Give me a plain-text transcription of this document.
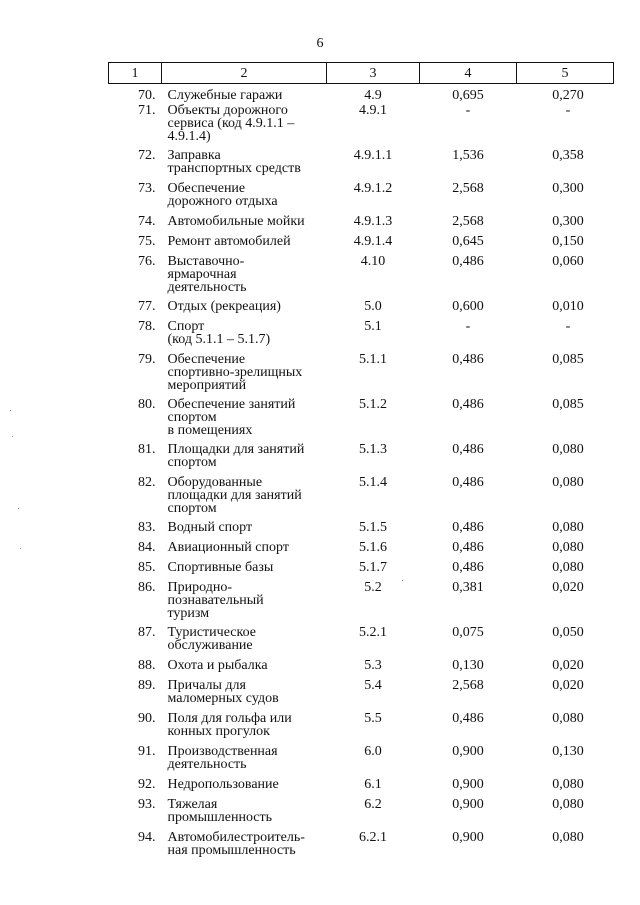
6
1	2	3	4	5
70.	Служебные гаражи	4.9	0,695	0,270
71.	Объекты дорожного
сервиса (код 4.9.1.1 –
4.9.1.4)	4.9.1	-	-
72.	Заправка
транспортных средств	4.9.1.1	1,536	0,358
73.	Обеспечение
дорожного отдыха	4.9.1.2	2,568	0,300
74.	Автомобильные мойки	4.9.1.3	2,568	0,300
75.	Ремонт автомобилей	4.9.1.4	0,645	0,150
76.	Выставочно-
ярмарочная
деятельность	4.10	0,486	0,060
77.	Отдых (рекреация)	5.0	0,600	0,010
78.	Спорт
(код 5.1.1 – 5.1.7)	5.1	-	-
79.	Обеспечение
спортивно-зрелищных
мероприятий	5.1.1	0,486	0,085
80.	Обеспечение занятий
спортом
в помещениях	5.1.2	0,486	0,085
81.	Площадки для занятий
спортом	5.1.3	0,486	0,080
82.	Оборудованные
площадки для занятий
спортом	5.1.4	0,486	0,080
83.	Водный спорт	5.1.5	0,486	0,080
84.	Авиационный спорт	5.1.6	0,486	0,080
85.	Спортивные базы	5.1.7	0,486	0,080
86.	Природно-
познавательный
туризм	5.2	0,381	0,020
87.	Туристическое
обслуживание	5.2.1	0,075	0,050
88.	Охота и рыбалка	5.3	0,130	0,020
89.	Причалы для
маломерных судов	5.4	2,568	0,020
90.	Поля для гольфа или
конных прогулок	5.5	0,486	0,080
91.	Производственная
деятельность	6.0	0,900	0,130
92.	Недропользование	6.1	0,900	0,080
93.	Тяжелая
промышленность	6.2	0,900	0,080
94.	Автомобилестроитель-
ная промышленность	6.2.1	0,900	0,080
